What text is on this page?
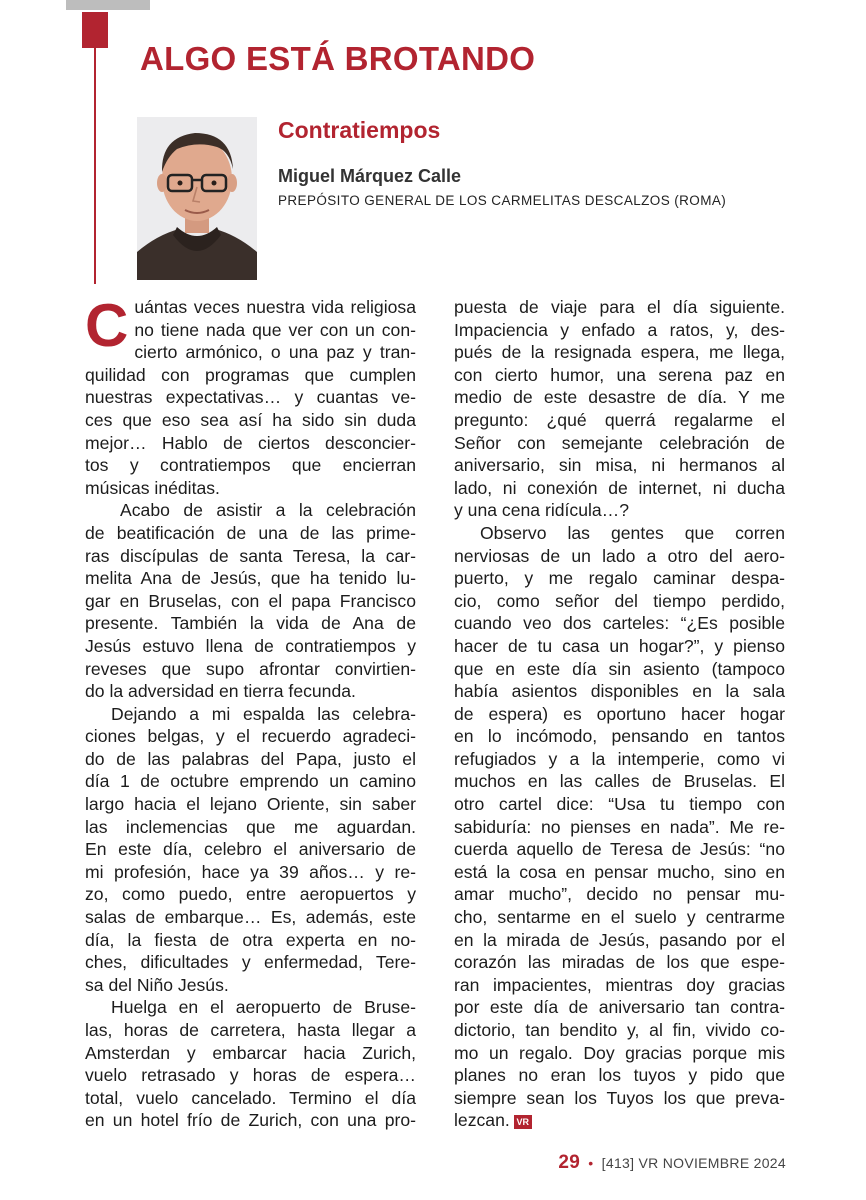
ALGO ESTÁ BROTANDO
Contratiempos
Miguel Márquez Calle
PREPÓSITO GENERAL DE LOS CARMELITAS DESCALZOS (ROMA)
C uántas veces nuestra vida religiosa
no tiene nada que ver con un con-
cierto armónico, o una paz y tran-
quilidad con programas que cumplen
nuestras expectativas… y cuantas ve-
ces que eso sea así ha sido sin duda
mejor… Hablo de ciertos desconcier-
tos y contratiempos que encierran
músicas inéditas.
Acabo de asistir a la celebración
de beatificación de una de las prime-
ras discípulas de santa Teresa, la car-
melita Ana de Jesús, que ha tenido lu-
gar en Bruselas, con el papa Francisco
presente. También la vida de Ana de
Jesús estuvo llena de contratiempos y
reveses que supo afrontar convirtien-
do la adversidad en tierra fecunda.
Dejando a mi espalda las celebra-
ciones belgas, y el recuerdo agradeci-
do de las palabras del Papa, justo el
día 1 de octubre emprendo un camino
largo hacia el lejano Oriente, sin saber
las inclemencias que me aguardan.
En este día, celebro el aniversario de
mi profesión, hace ya 39 años… y re-
zo, como puedo, entre aeropuertos y
salas de embarque… Es, además, este
día, la fiesta de otra experta en no-
ches, dificultades y enfermedad, Tere-
sa del Niño Jesús.
Huelga en el aeropuerto de Bruse-
las, horas de carretera, hasta llegar a
Amsterdan y embarcar hacia Zurich,
vuelo retrasado y horas de espera…
total, vuelo cancelado. Termino el día
en un hotel frío de Zurich, con una pro-
puesta de viaje para el día siguiente.
Impaciencia y enfado a ratos, y, des-
pués de la resignada espera, me llega,
con cierto humor, una serena paz en
medio de este desastre de día. Y me
pregunto: ¿qué querrá regalarme el
Señor con semejante celebración de
aniversario, sin misa, ni hermanos al
lado, ni conexión de internet, ni ducha
y una cena ridícula…?
Observo las gentes que corren
nerviosas de un lado a otro del aero-
puerto, y me regalo caminar despa-
cio, como señor del tiempo perdido,
cuando veo dos carteles: “¿Es posible
hacer de tu casa un hogar?”, y pienso
que en este día sin asiento (tampoco
había asientos disponibles en la sala
de espera) es oportuno hacer hogar
en lo incómodo, pensando en tantos
refugiados y a la intemperie, como vi
muchos en las calles de Bruselas. El
otro cartel dice: “Usa tu tiempo con
sabiduría: no pienses en nada”. Me re-
cuerda aquello de Teresa de Jesús: “no
está la cosa en pensar mucho, sino en
amar mucho”, decido no pensar mu-
cho, sentarme en el suelo y centrarme
en la mirada de Jesús, pasando por el
corazón las miradas de los que espe-
ran impacientes, mientras doy gracias
por este día de aniversario tan contra-
dictorio, tan bendito y, al fin, vivido co-
mo un regalo. Doy gracias porque mis
planes no eran los tuyos y pido que
siempre sean los Tuyos los que preva-
lezcan. VR
29 • [413] VR NOVIEMBRE 2024
